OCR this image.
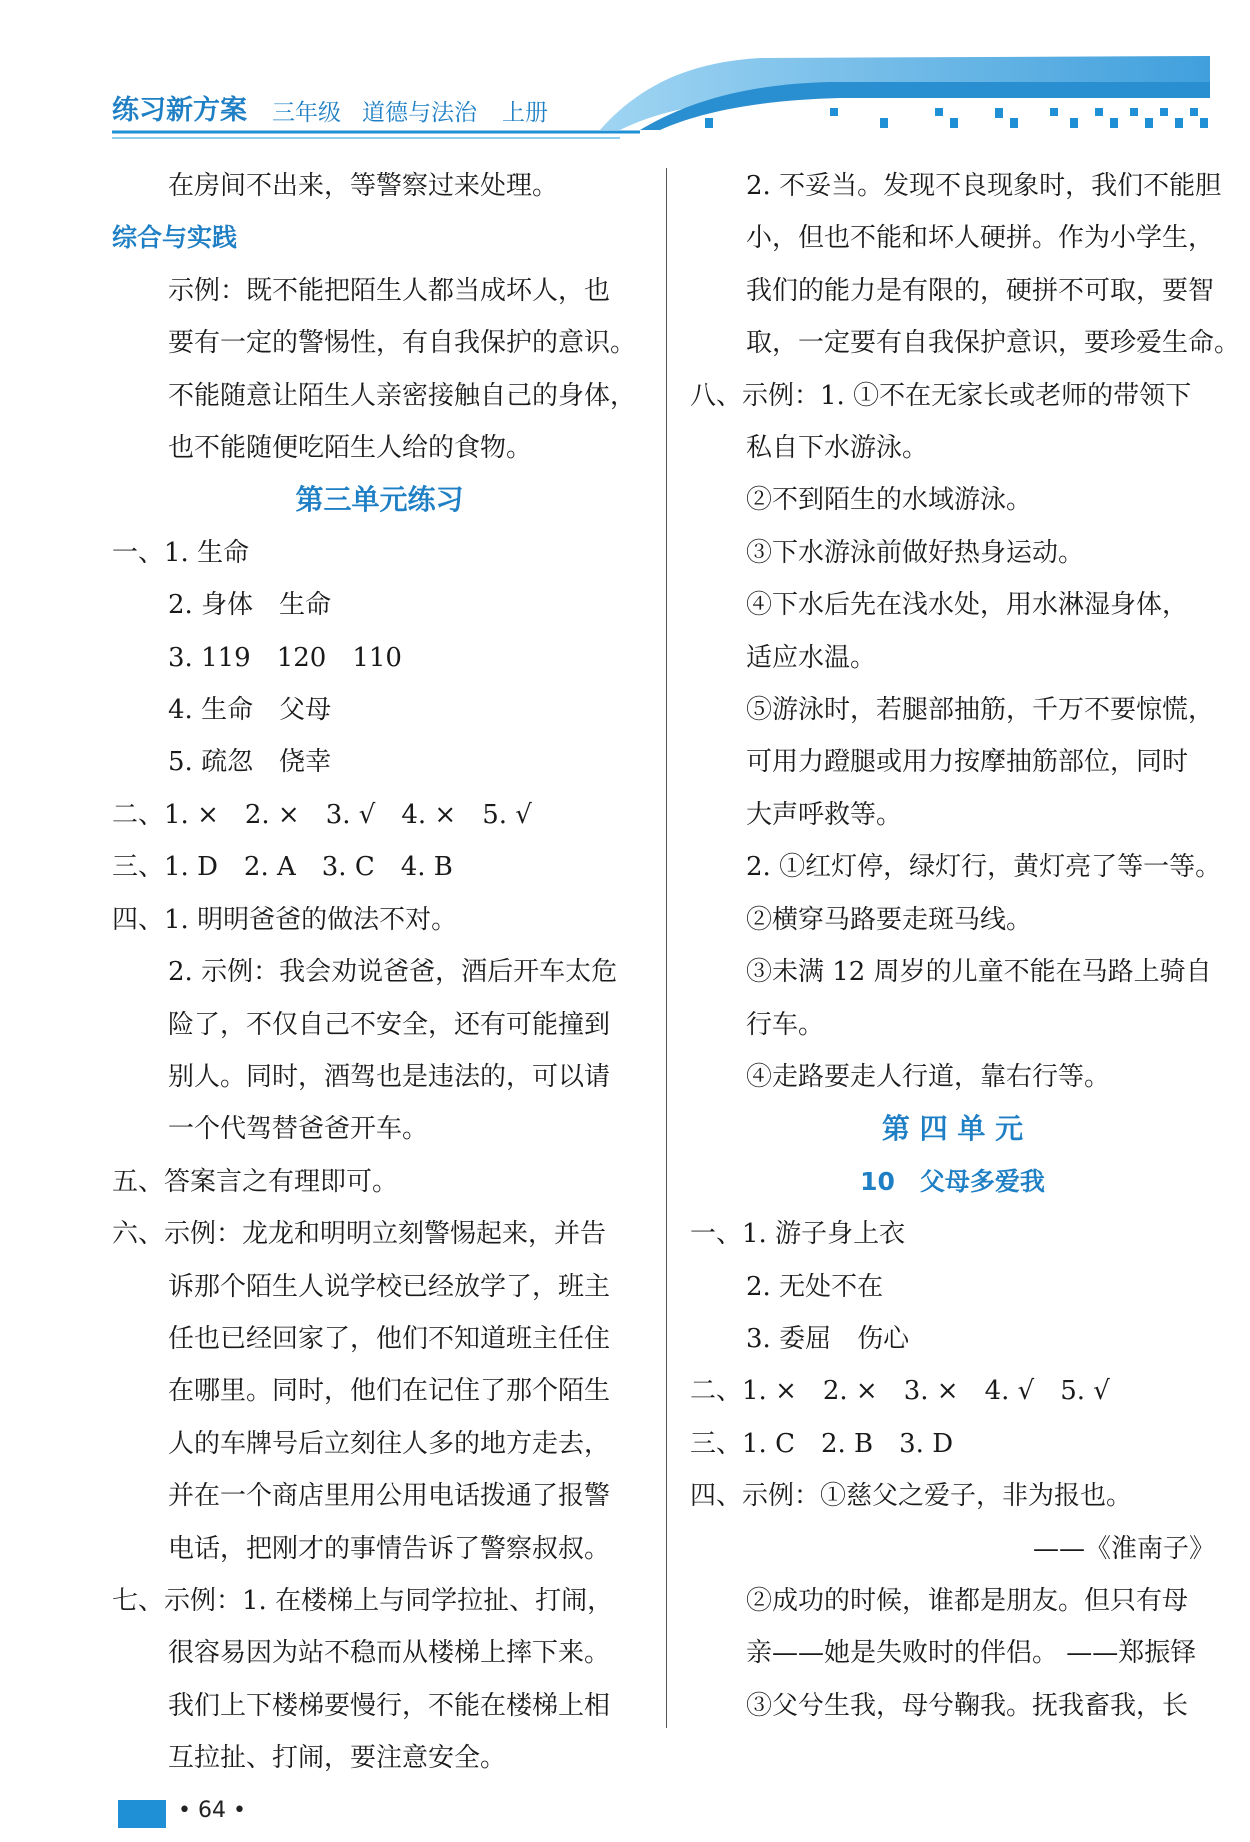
练习新方案 三年级 道德与法治 上册
在房间不出来，等警察过来处理。
综合与实践
示例：既不能把陌生人都当成坏人，也
要有一定的警惕性，有自我保护的意识。
不能随意让陌生人亲密接触自己的身体，
也不能随便吃陌生人给的食物。
第三单元练习
一、1. 生命
2. 身体　生命
3. 119　120　110
4. 生命　父母
5. 疏忽　侥幸
二、1. ×　2. ×　3. √　4. ×　5. √
三、1. D　2. A　3. C　4. B
四、1. 明明爸爸的做法不对。
2. 示例：我会劝说爸爸，酒后开车太危
险了，不仅自己不安全，还有可能撞到
别人。同时，酒驾也是违法的，可以请
一个代驾替爸爸开车。
五、答案言之有理即可。
六、示例：龙龙和明明立刻警惕起来，并告
诉那个陌生人说学校已经放学了，班主
任也已经回家了，他们不知道班主任住
在哪里。同时，他们在记住了那个陌生
人的车牌号后立刻往人多的地方走去，
并在一个商店里用公用电话拨通了报警
电话，把刚才的事情告诉了警察叔叔。
七、示例：1. 在楼梯上与同学拉扯、打闹，
很容易因为站不稳而从楼梯上摔下来。
我们上下楼梯要慢行，不能在楼梯上相
互拉扯、打闹，要注意安全。
2. 不妥当。发现不良现象时，我们不能胆
小，但也不能和坏人硬拼。作为小学生，
我们的能力是有限的，硬拼不可取，要智
取，一定要有自我保护意识，要珍爱生命。
八、示例：1. ①不在无家长或老师的带领下
私自下水游泳。
②不到陌生的水域游泳。
③下水游泳前做好热身运动。
④下水后先在浅水处，用水淋湿身体，
适应水温。
⑤游泳时，若腿部抽筋，千万不要惊慌，
可用力蹬腿或用力按摩抽筋部位，同时
大声呼救等。
2. ①红灯停，绿灯行，黄灯亮了等一等。
②横穿马路要走斑马线。
③未满 12 周岁的儿童不能在马路上骑自
行车。
④走路要走人行道，靠右行等。
第 四 单 元
10　父母多爱我
一、1. 游子身上衣
2. 无处不在
3. 委屈　伤心
二、1. ×　2. ×　3. ×　4. √　5. √
三、1. C　2. B　3. D
四、示例：①慈父之爱子，非为报也。
——《淮南子》
②成功的时候，谁都是朋友。但只有母
亲——她是失败时的伴侣。 ——郑振铎
③父兮生我，母兮鞠我。抚我畜我，长
• 64 •
